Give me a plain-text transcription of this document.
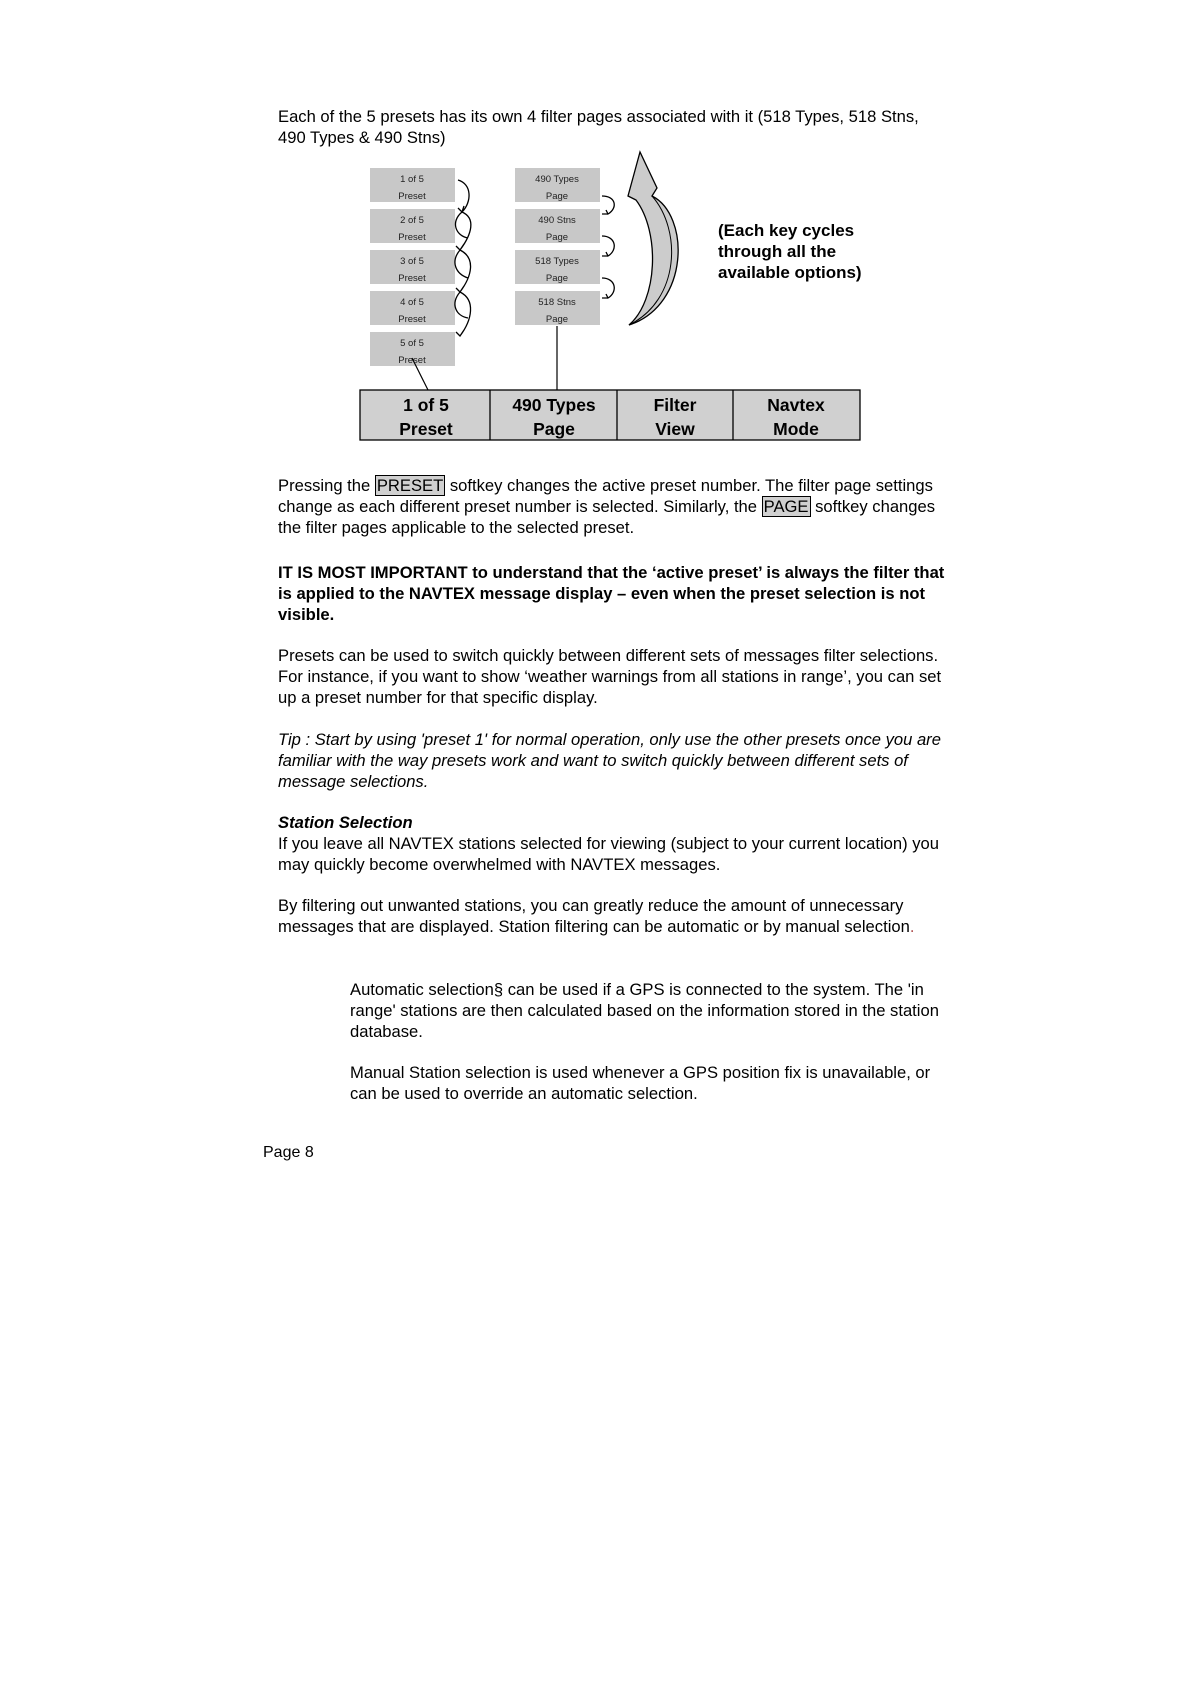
Each of the 5 presets has its own 4 filter pages associated with it (518 Types, 518 Stns, 490 Types & 490 Stns)

1 of 5
Preset
2 of 5
Preset
3 of 5
Preset
4 of 5
Preset
5 of 5
Preset
490 Types
Page
490 Stns
Page
518 Types
Page
518 Stns
Page
1 of 5
Preset
490 Types
Page
Filter
View
Navtex
Mode
(Each key cycles through all the available options)

Pressing the PRESET softkey changes the active preset number. The filter page settings change as each different preset number is selected. Similarly, the PAGE softkey changes the filter pages applicable to the selected preset.

IT IS MOST IMPORTANT to understand that the ‘active preset’ is always the filter that is applied to the NAVTEX message display – even when the preset selection is not visible.

Presets can be used to switch quickly between different sets of messages filter selections. For instance, if you want to show ‘weather warnings from all stations in range’, you can set up a preset number for that specific display.

Tip : Start by using 'preset 1' for normal operation, only use the other presets once you are familiar with the way presets work and want to switch quickly between different sets of message selections.

Station Selection

If you leave all NAVTEX stations selected for viewing (subject to your current location) you may quickly become overwhelmed with NAVTEX messages.

By filtering out unwanted stations, you can greatly reduce the amount of unnecessary messages that are displayed. Station filtering can be automatic or by manual selection.

Automatic selection§ can be used if a GPS is connected to the system. The 'in range' stations are then calculated based on the information stored in the station database.

Manual Station selection is used whenever a GPS position fix is unavailable, or can be used to override an automatic selection.

Page 8
